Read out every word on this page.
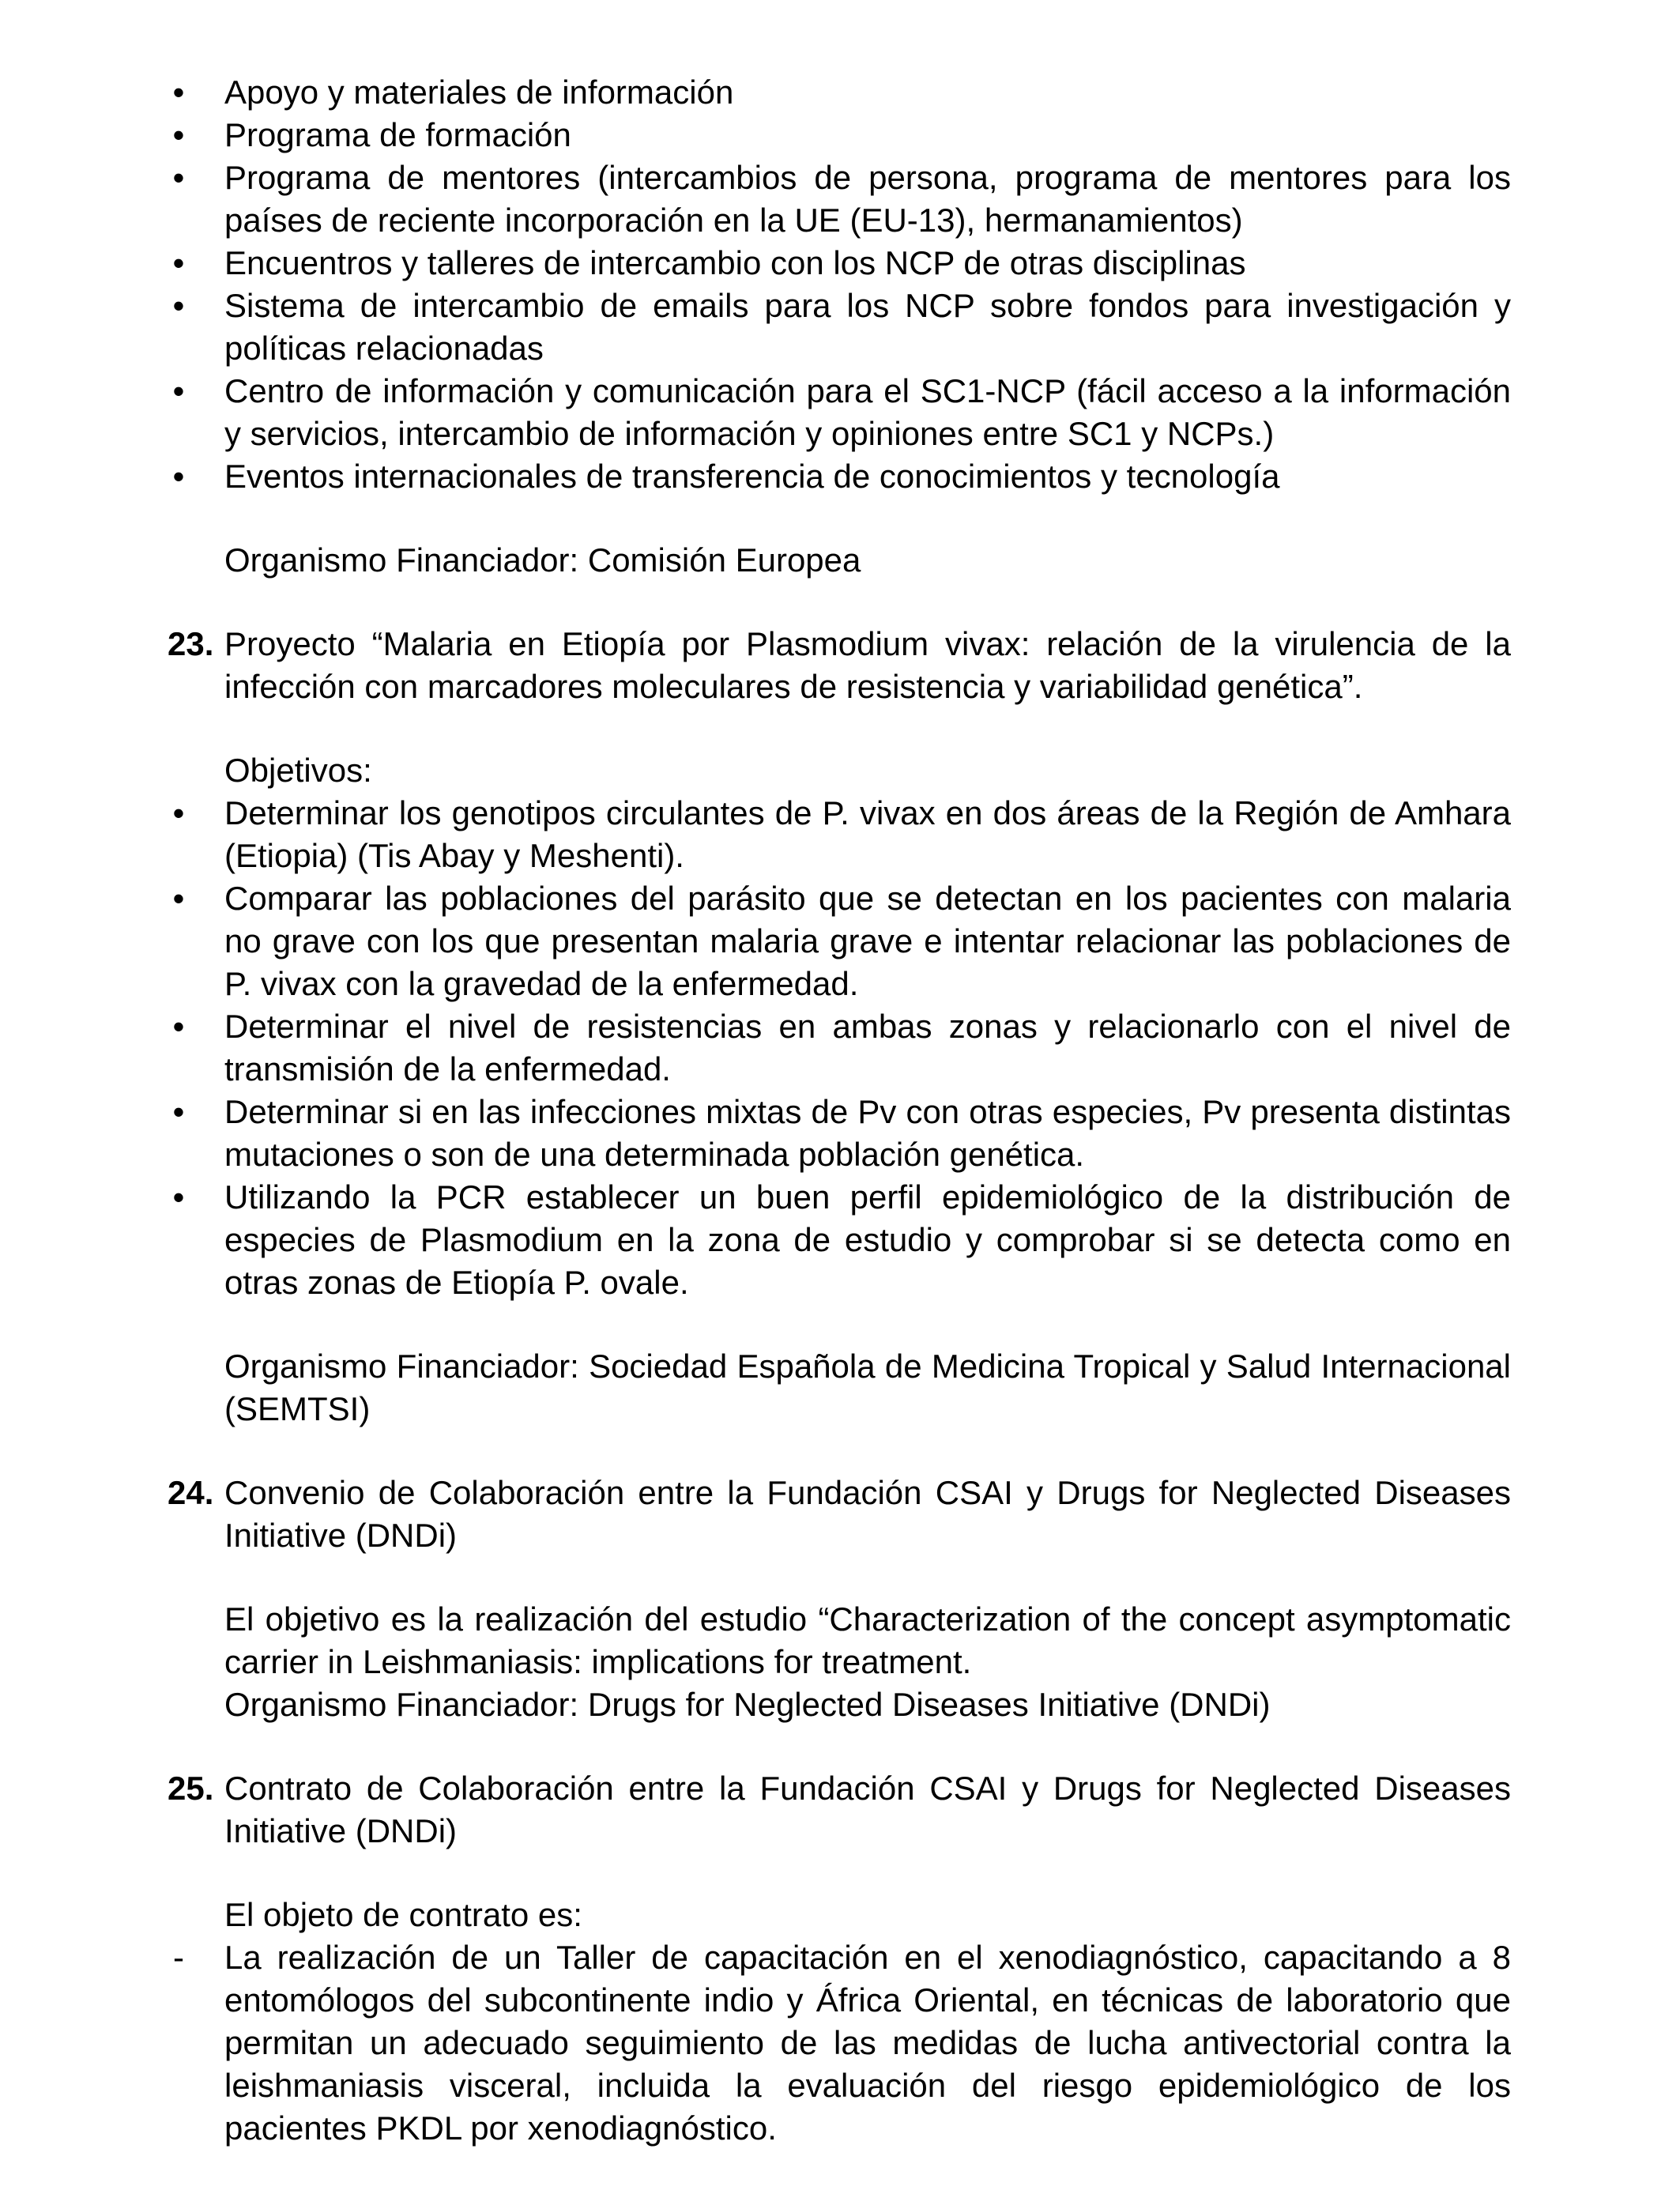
• Apoyo y materiales de información
• Programa de formación
• Programa de mentores (intercambios de persona, programa de mentores para los países de reciente incorporación en la UE (EU-13), hermanamientos)
• Encuentros y talleres de intercambio con los NCP de otras disciplinas
• Sistema de intercambio de emails para los NCP sobre fondos para investigación y políticas relacionadas
• Centro de información y comunicación para el SC1-NCP (fácil acceso a la información y servicios, intercambio de información y opiniones entre SC1 y NCPs.)
• Eventos internacionales de transferencia de conocimientos y tecnología
Organismo Financiador: Comisión Europea
23. Proyecto “Malaria en Etiopía por Plasmodium vivax: relación de la virulencia de la infección con marcadores moleculares de resistencia y variabilidad genética”.
Objetivos:
• Determinar los genotipos circulantes de P. vivax en dos áreas de la Región de Amhara (Etiopia) (Tis Abay y Meshenti).
• Comparar las poblaciones del parásito que se detectan en los pacientes con malaria no grave con los que presentan malaria grave e intentar relacionar las poblaciones de P. vivax con la gravedad de la enfermedad.
• Determinar el nivel de resistencias en ambas zonas y relacionarlo con el nivel de transmisión de la enfermedad.
• Determinar si en las infecciones mixtas de Pv con otras especies, Pv presenta distintas mutaciones o son de una determinada población genética.
• Utilizando la PCR establecer un buen perfil epidemiológico de la distribución de especies de Plasmodium en la zona de estudio y comprobar si se detecta como en otras zonas de Etiopía P. ovale.
Organismo Financiador: Sociedad Española de Medicina Tropical y Salud Internacional (SEMTSI)
24. Convenio de Colaboración entre la Fundación CSAI y Drugs for Neglected Diseases Initiative (DNDi)
El objetivo es la realización del estudio “Characterization of the concept asymptomatic carrier in Leishmaniasis: implications for treatment.
Organismo Financiador: Drugs for Neglected Diseases Initiative (DNDi)
25. Contrato de Colaboración entre la Fundación CSAI y Drugs for Neglected Diseases Initiative (DNDi)
El objeto de contrato es:
- La realización de un Taller de capacitación en el xenodiagnóstico, capacitando a 8 entomólogos del subcontinente indio y África Oriental, en técnicas de laboratorio que permitan un adecuado seguimiento de las medidas de lucha antivectorial contra la leishmaniasis visceral, incluida la evaluación del riesgo epidemiológico de los pacientes PKDL por xenodiagnóstico.
